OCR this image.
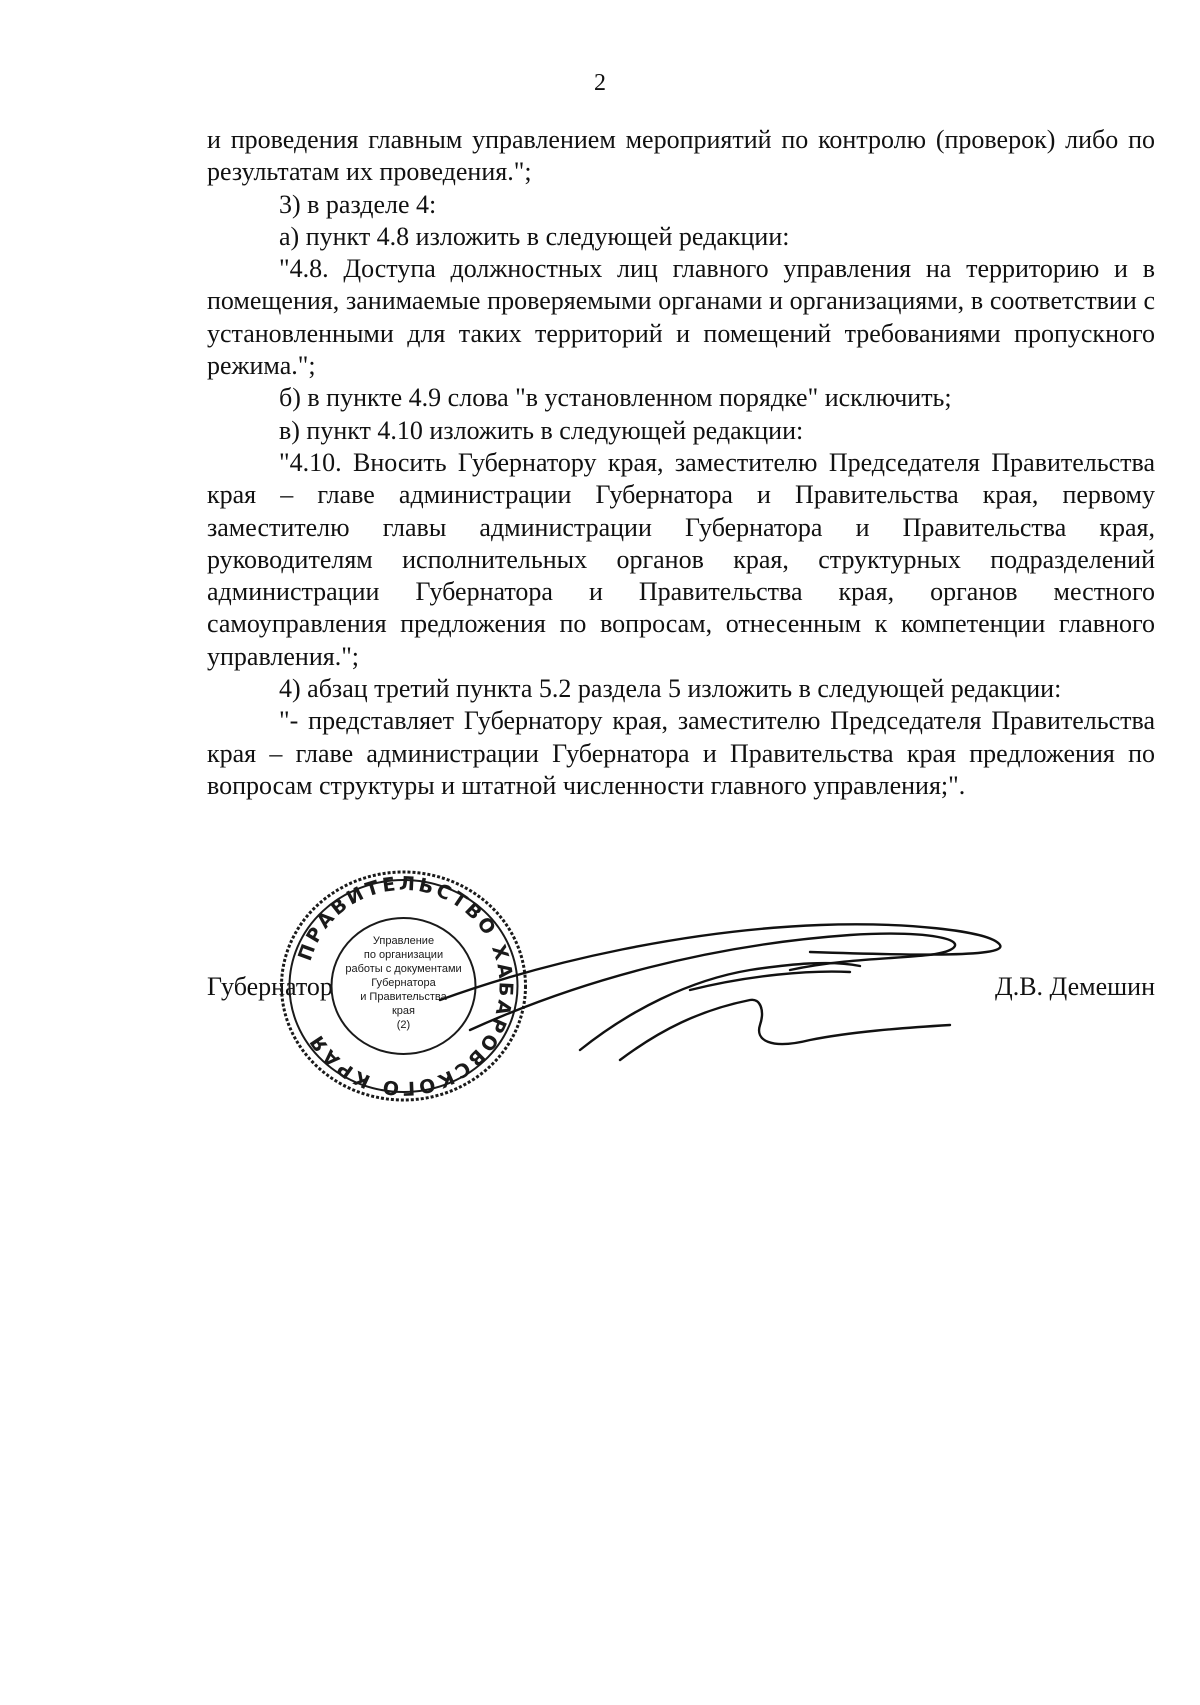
2

и проведения главным управлением мероприятий по контролю (проверок) либо по результатам их проведения.";

3) в разделе 4:

а) пункт 4.8 изложить в следующей редакции:

"4.8. Доступа должностных лиц главного управления на территорию и в помещения, занимаемые проверяемыми органами и организациями, в соответствии с установленными для таких территорий и помещений требованиями пропускного режима.";

б) в пункте 4.9 слова "в установленном порядке" исключить;

в) пункт 4.10 изложить в следующей редакции:

"4.10. Вносить Губернатору края, заместителю Председателя Правительства края – главе администрации Губернатора и Правительства края, первому заместителю главы администрации Губернатора и Правительства края, руководителям исполнительных органов края, структурных подразделений администрации Губернатора и Правительства края, органов местного самоуправления предложения по вопросам, отнесенным к компетенции главного управления.";

4) абзац третий пункта 5.2 раздела 5 изложить в следующей редакции:

"- представляет Губернатору края, заместителю Председателя Правительства края – главе администрации Губернатора и Правительства края предложения по вопросам структуры и штатной численности главного управления;".

Губернатор	Д.В. Демешин
ПРАВИТЕЛЬСТВО ХАБАРОВСКОГО КРАЯ
Управление
по организации
работы с документами
Губернатора
и Правительства
края
(2)
